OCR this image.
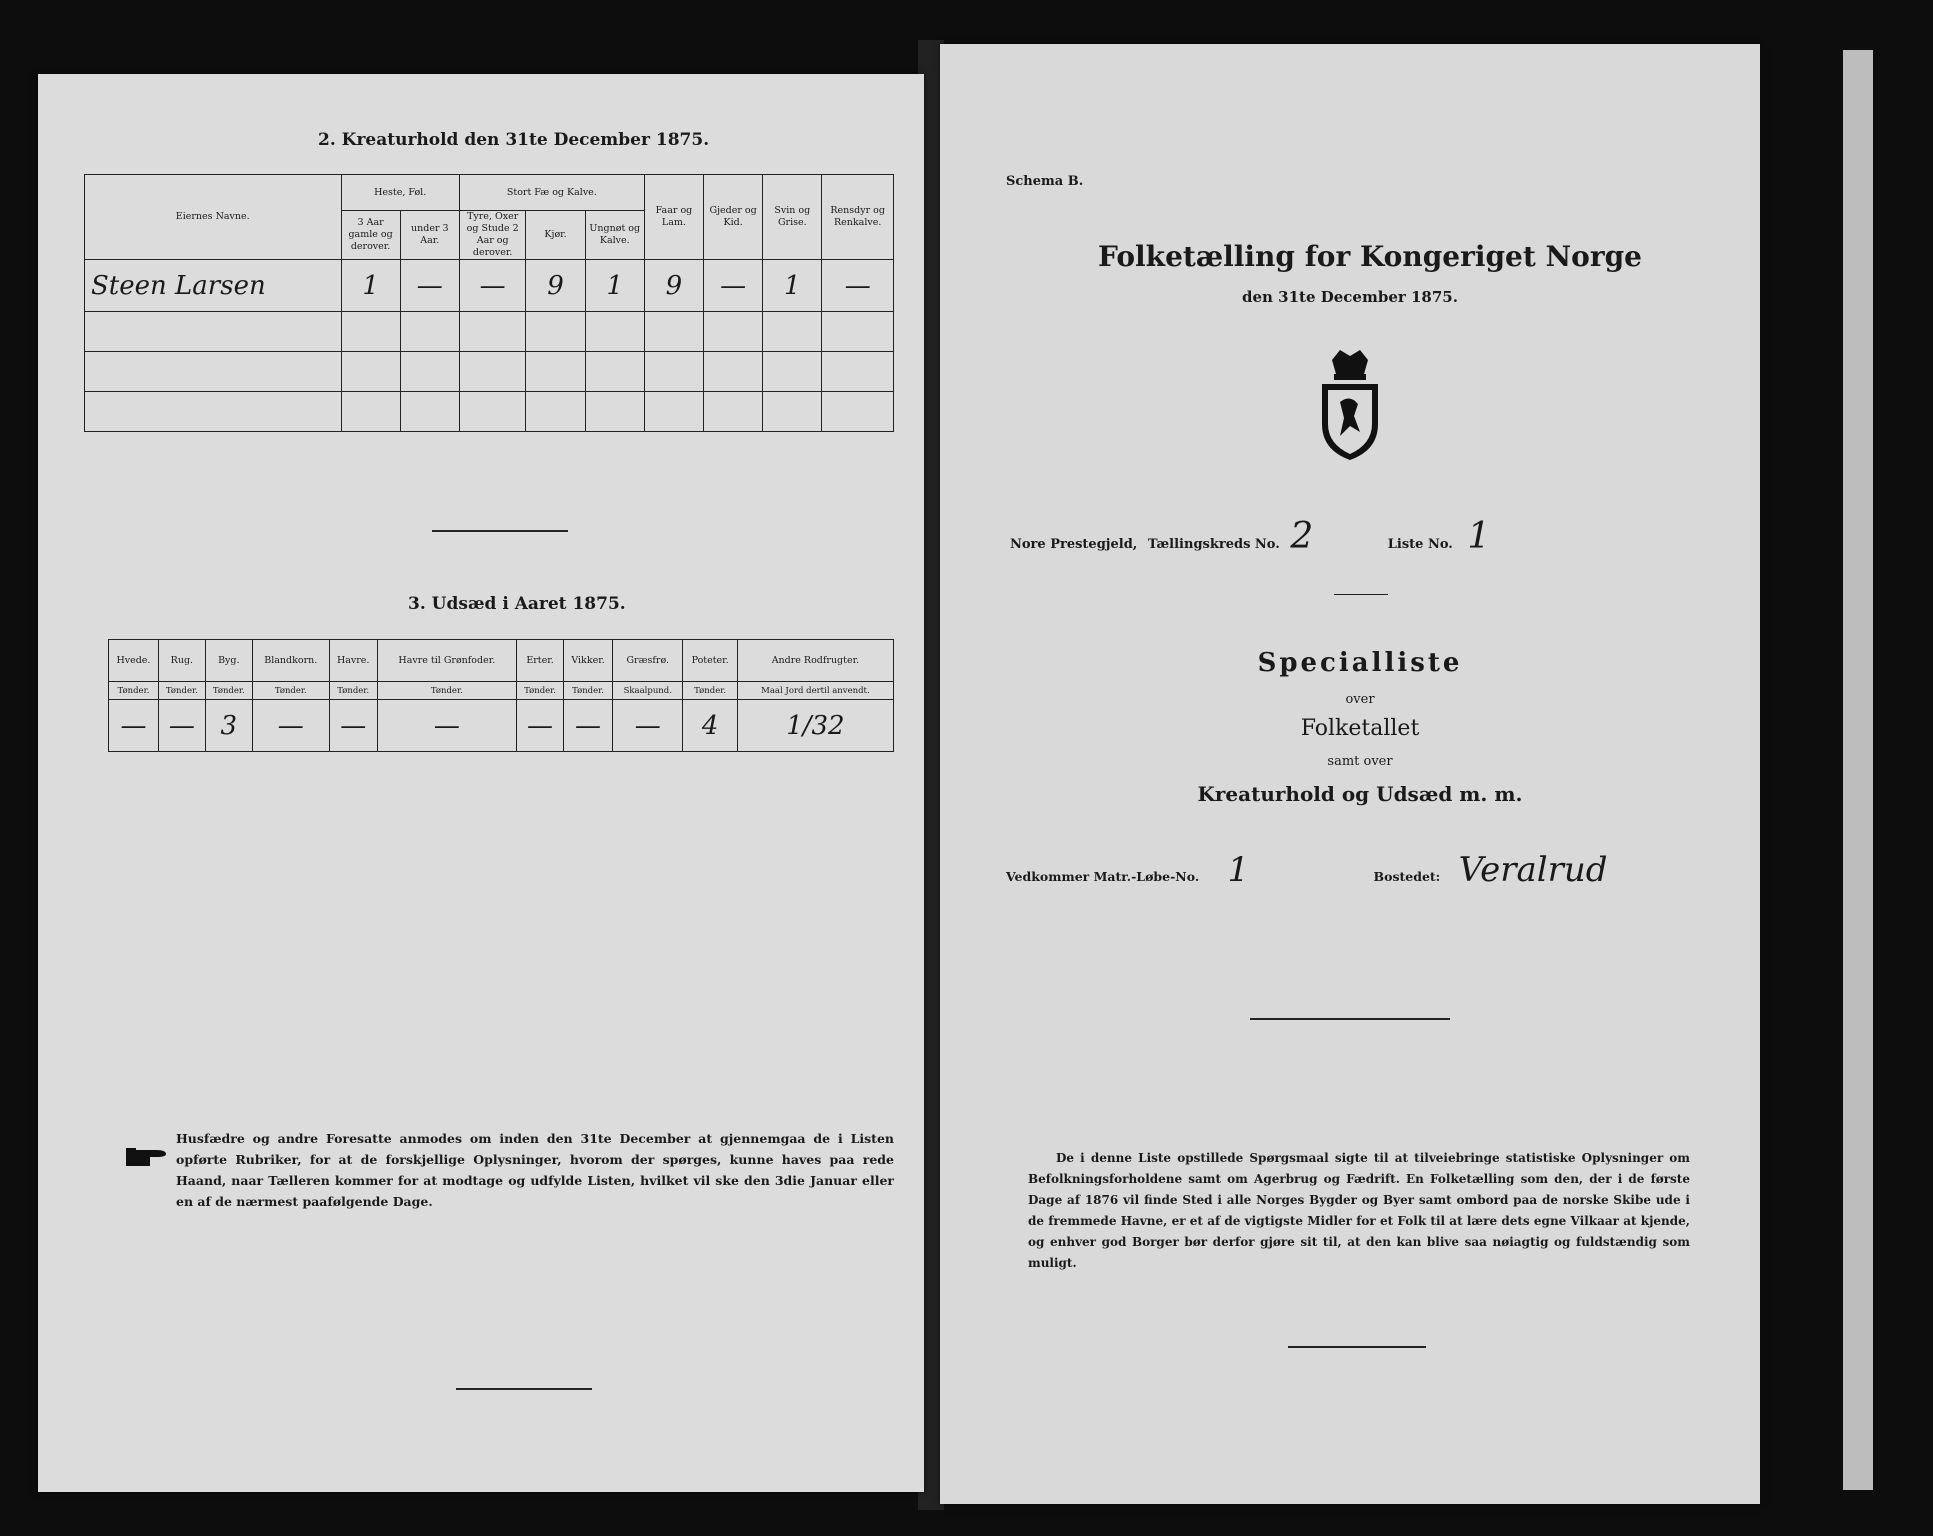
2. Kreaturhold den 31te December 1875.
Eiernes Navne.	Heste, Føl.		Stort Fæ og Kalve.			Faar og Lam.	Gjeder og Kid.	Svin og Grise.	Rensdyr og Renkalve.
	3 Aar gamle og derover.	under 3 Aar.	Tyre, Oxer og Stude 2 Aar og derover.	Kjør.	Ungnøt og Kalve.				
Steen Larsen	1	—	—	9	1	9	—	1	—

3. Udsæd i Aaret 1875.
Hvede.	Rug.	Byg.	Blandkorn.	Havre.	Havre til Grønfoder.	Erter.	Vikker.	Græsfrø.	Poteter.	Andre Rodfrugter.
Tønder.	Tønder.	Tønder.	Tønder.	Tønder.	Tønder.	Tønder.	Tønder.	Skaalpund.	Tønder.	Maal Jord dertil anvendt.
—	—	3	—	—	—	—	—	—	4	1/32
Husfædre og andre Foresatte anmodes om inden den 31te December at gjennemgaa de i Listen opførte Rubriker, for at de forskjellige Oplysninger, hvorom der spørges, kunne haves paa rede Haand, naar Tælleren kommer for at modtage og udfylde Listen, hvilket vil ske den 3die Januar eller en af de nærmest paafølgende Dage.
Schema B.
Folketælling for Kongeriget Norge
den 31te December 1875.
Nore Prestegjeld, Tællingskreds No. 2	Liste No. 1
Specialliste
over
Folketallet
samt over
Kreaturhold og Udsæd m. m.
Vedkommer Matr.-Løbe-No. 1	Bostedet: Veralrud
De i denne Liste opstillede Spørgsmaal sigte til at tilveiebringe statistiske Oplysninger om Befolkningsforholdene samt om Agerbrug og Fædrift. En Folketælling som den, der i de første Dage af 1876 vil finde Sted i alle Norges Bygder og Byer samt ombord paa de norske Skibe ude i de fremmede Havne, er et af de vigtigste Midler for et Folk til at lære dets egne Vilkaar at kjende, og enhver god Borger bør derfor gjøre sit til, at den kan blive saa nøiagtig og fuldstændig som muligt.
